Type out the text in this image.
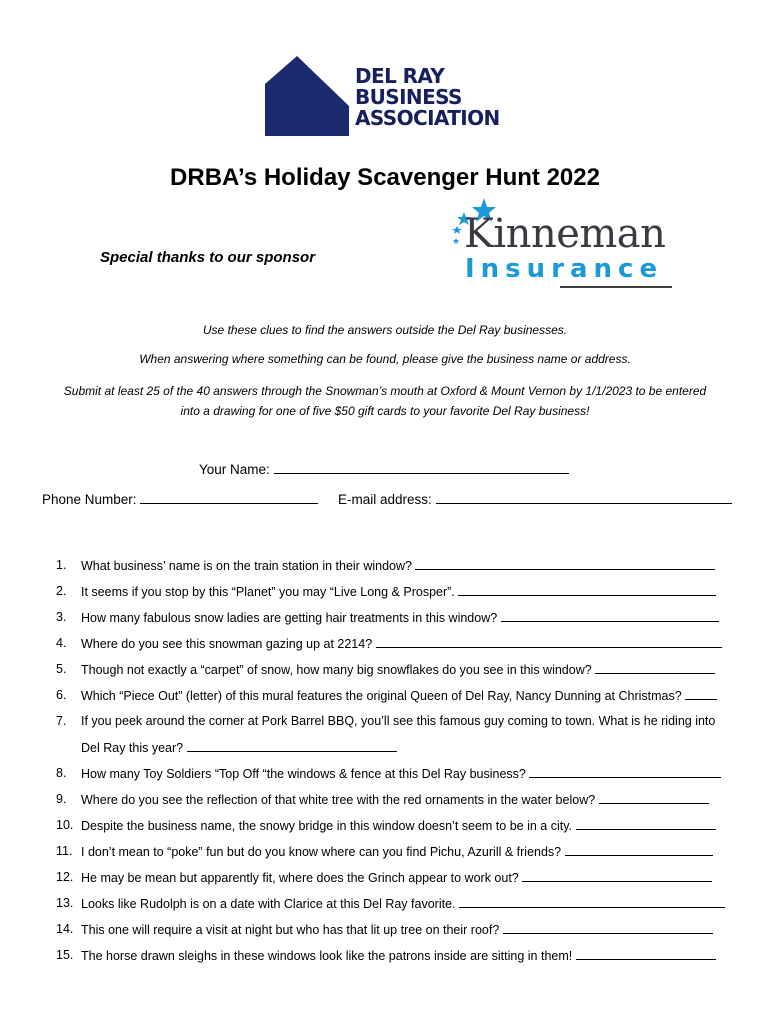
DEL RAY
BUSINESS
ASSOCIATION
DRBA’s Holiday Scavenger Hunt 2022
Special thanks to our sponsor
Kinneman
Insurance
Use these clues to find the answers outside the Del Ray businesses.
When answering where something can be found, please give the business name or address.
Submit at least 25 of the 40 answers through the Snowman’s mouth at Oxford & Mount Vernon by 1/1/2023 to be entered
into a drawing for one of five $50 gift cards to your favorite Del Ray business!
Your Name:
Phone Number:	E-mail address:
1. What business’ name is on the train station in their window?
2. It seems if you stop by this “Planet” you may “Live Long & Prosper”.
3. How many fabulous snow ladies are getting hair treatments in this window?
4. Where do you see this snowman gazing up at 2214?
5. Though not exactly a “carpet” of snow, how many big snowflakes do you see in this window?
6. Which “Piece Out” (letter) of this mural features the original Queen of Del Ray, Nancy Dunning at Christmas?
7. If you peek around the corner at Pork Barrel BBQ, you’ll see this famous guy coming to town. What is he riding into
Del Ray this year?
8. How many Toy Soldiers “Top Off “the windows & fence at this Del Ray business?
9. Where do you see the reflection of that white tree with the red ornaments in the water below?
10. Despite the business name, the snowy bridge in this window doesn’t seem to be in a city.
11. I don’t mean to “poke” fun but do you know where can you find Pichu, Azurill & friends?
12. He may be mean but apparently fit, where does the Grinch appear to work out?
13. Looks like Rudolph is on a date with Clarice at this Del Ray favorite.
14. This one will require a visit at night but who has that lit up tree on their roof?
15. The horse drawn sleighs in these windows look like the patrons inside are sitting in them!
